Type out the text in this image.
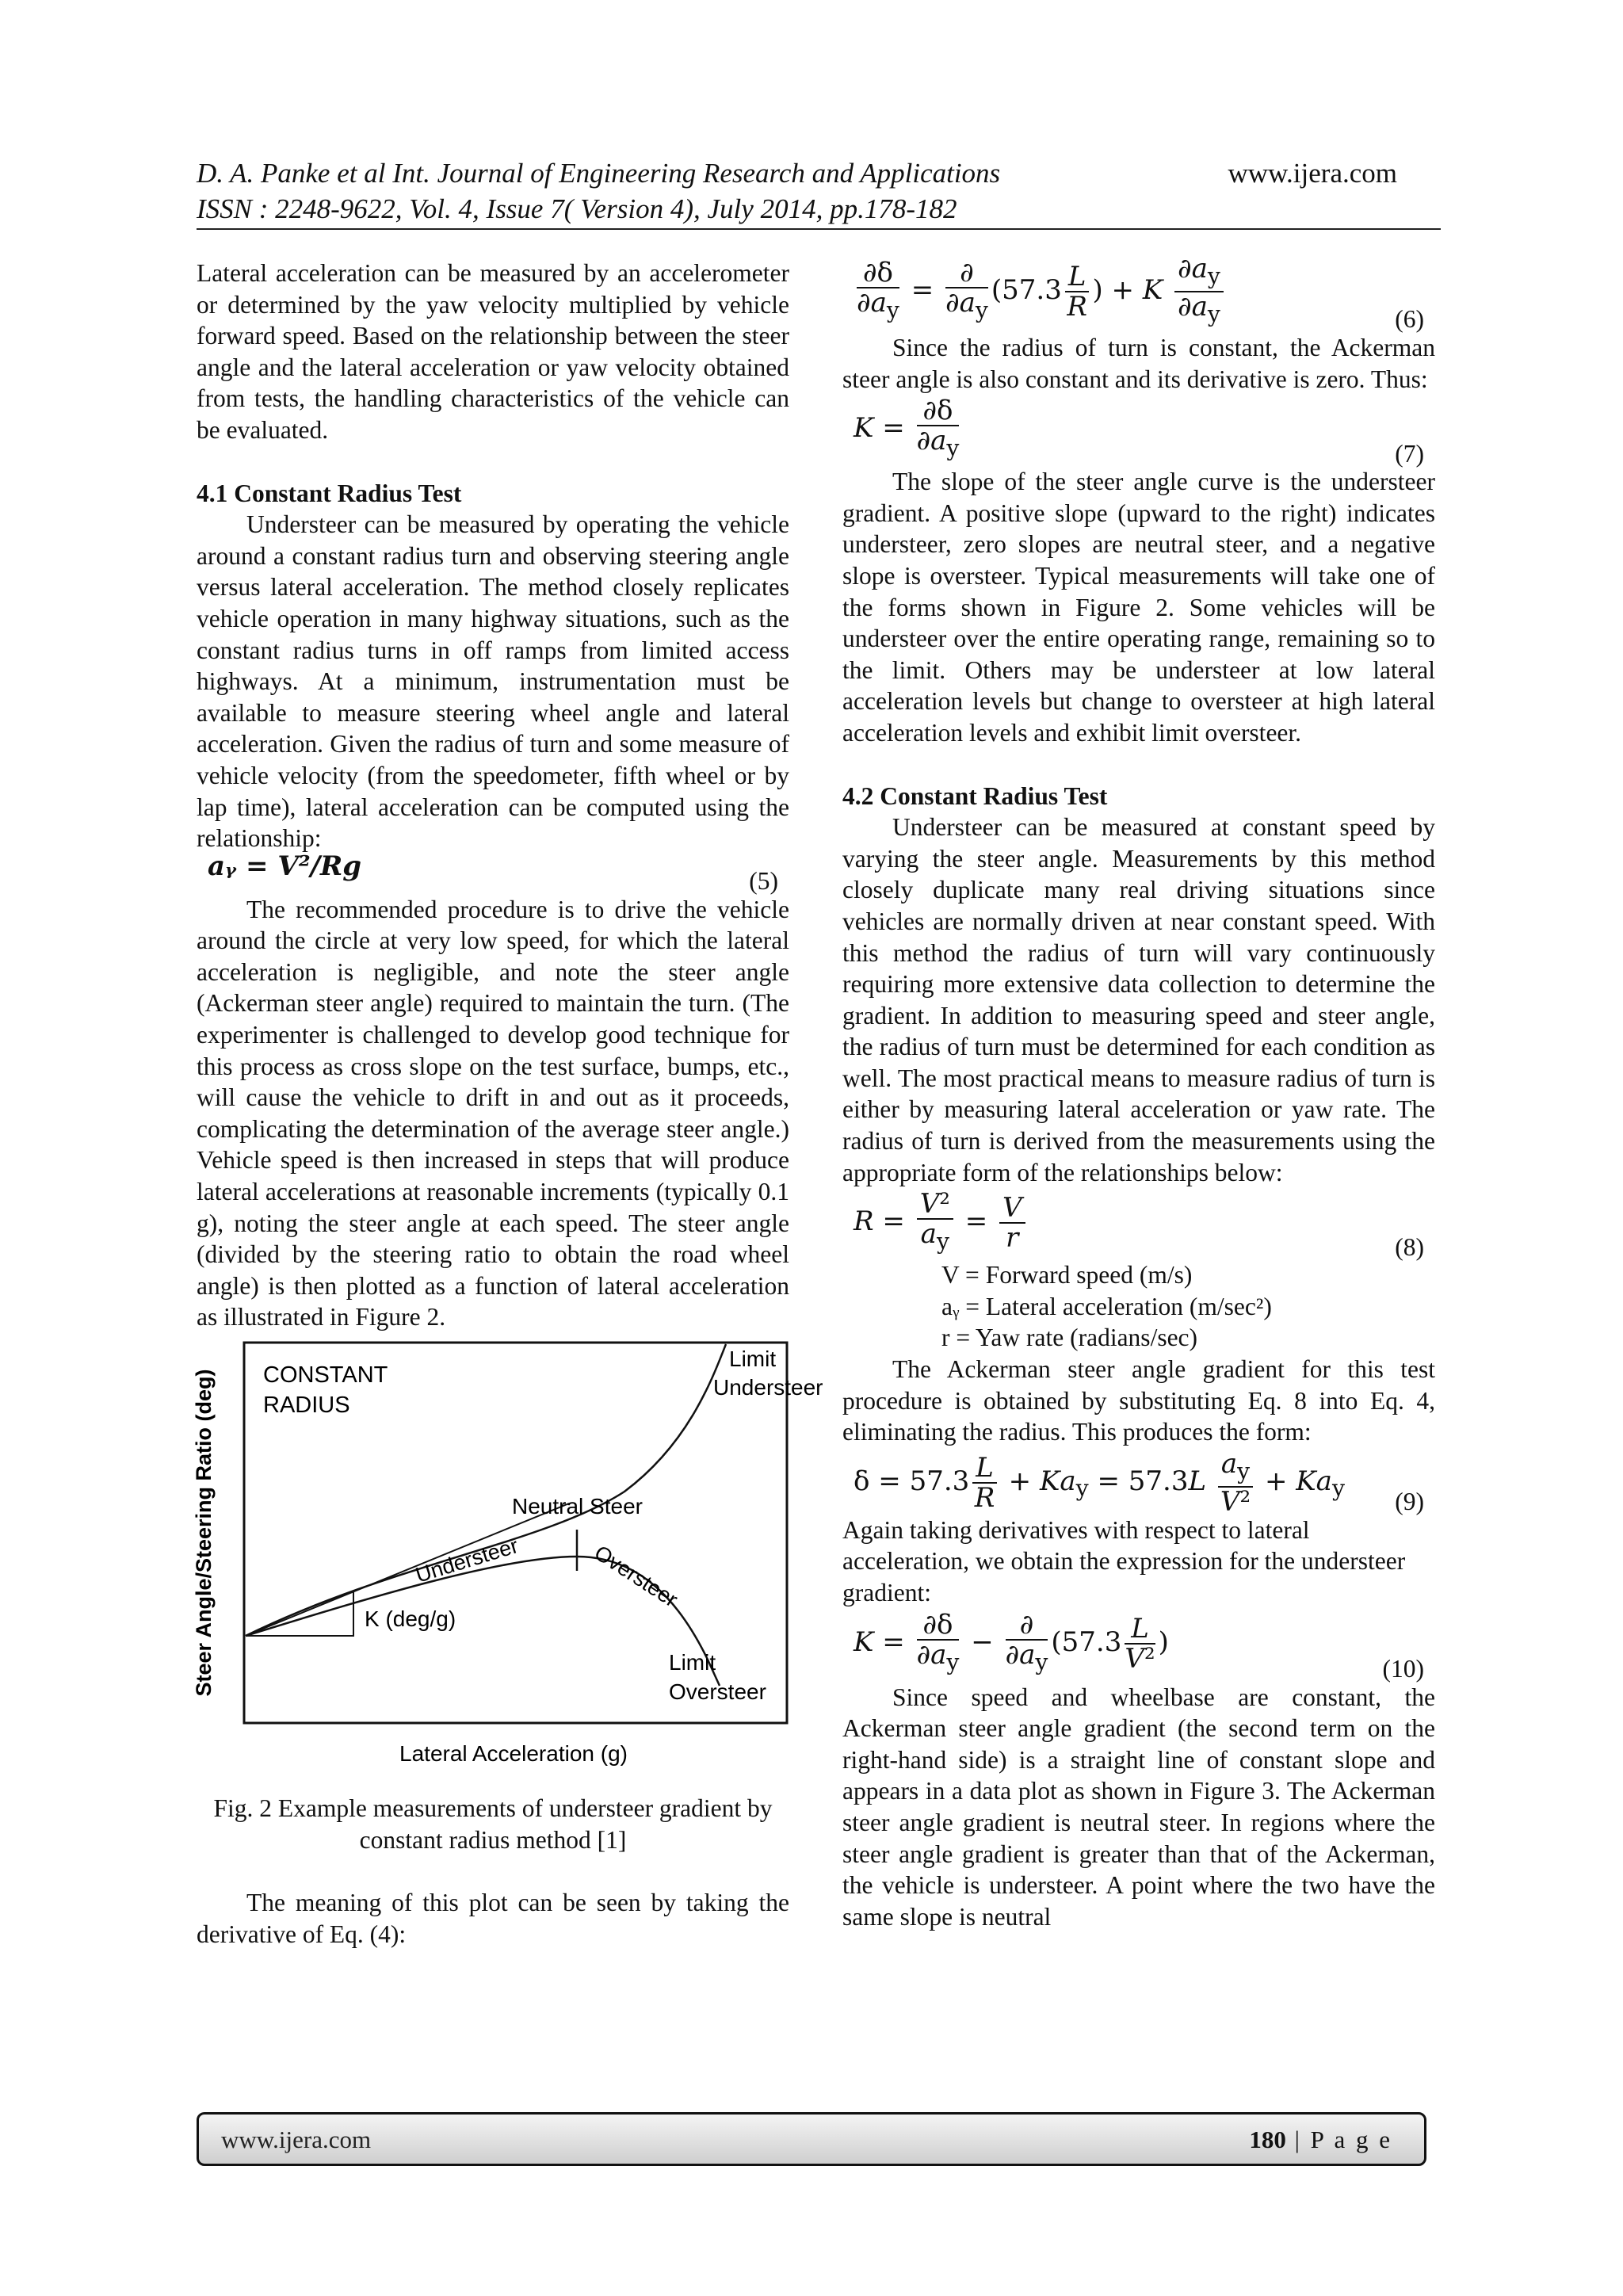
D. A. Panke et al Int. Journal of Engineering Research and Applications	www.ijera.com
ISSN : 2248-9622, Vol. 4, Issue 7( Version 4), July 2014, pp.178-182

Lateral acceleration can be measured by an accelerometer or determined by the yaw velocity multiplied by vehicle forward speed. Based on the relationship between the steer angle and the lateral acceleration or yaw velocity obtained from tests, the handling characteristics of the vehicle can be evaluated.

4.1 Constant Radius Test

Understeer can be measured by operating the vehicle around a constant radius turn and observing steering angle versus lateral acceleration. The method closely replicates vehicle operation in many highway situations, such as the constant radius turns in off ramps from limited access highways. At a minimum, instrumentation must be available to measure steering wheel angle and lateral acceleration. Given the radius of turn and some measure of vehicle velocity (from the speedometer, fifth wheel or by lap time), lateral acceleration can be computed using the relationship:

aᵧ = V²/Rg	(5)

The recommended procedure is to drive the vehicle around the circle at very low speed, for which the lateral acceleration is negligible, and note the steer angle (Ackerman steer angle) required to maintain the turn. (The experimenter is challenged to develop good technique for this process as cross slope on the test surface, bumps, etc., will cause the vehicle to drift in and out as it proceeds, complicating the determination of the average steer angle.) Vehicle speed is then increased in steps that will produce lateral accelerations at reasonable increments (typically 0.1 g), noting the steer angle at each speed. The steer angle (divided by the steering ratio to obtain the road wheel angle) is then plotted as a function of lateral acceleration as illustrated in Figure 2.

Steer Angle/Steering Ratio (deg)
Lateral Acceleration (g)
CONSTANT
RADIUS
Limit
Understeer
Neutral Steer
Understeer	Oversteer
K (deg/g)
Limit
Oversteer

Fig. 2 Example measurements of understeer gradient by constant radius method [1]

The meaning of this plot can be seen by taking the derivative of Eq. (4):

$\frac{\partial\delta}{\partial a_y} = \frac{\partial}{\partial a_y} (57.3 \frac{L}{R}$ ) + K $\frac{\partial a_y}{\partial a_y}$	(6)

Since the radius of turn is constant, the Ackerman steer angle is also constant and its derivative is zero. Thus:

$K = \frac{\partial\delta}{\partial a_y}$	(7)

The slope of the steer angle curve is the understeer gradient. A positive slope (upward to the right) indicates understeer, zero slopes are neutral steer, and a negative slope is oversteer. Typical measurements will take one of the forms shown in Figure 2. Some vehicles will be understeer over the entire operating range, remaining so to the limit. Others may be understeer at low lateral acceleration levels but change to oversteer at high lateral acceleration levels and exhibit limit oversteer.

4.2 Constant Radius Test

Understeer can be measured at constant speed by varying the steer angle. Measurements by this method closely duplicate many real driving situations since vehicles are normally driven at near constant speed. With this method the radius of turn will vary continuously requiring more extensive data collection to determine the gradient. In addition to measuring speed and steer angle, the radius of turn must be determined for each condition as well. The most practical means to measure radius of turn is either by measuring lateral acceleration or yaw rate. The radius of turn is derived from the measurements using the appropriate form of the relationships below:

$R = \frac{\text{V²}}{a_y} = \frac{V}{r}$	(8)

V = Forward speed (m/s)

aᵧ = Lateral acceleration (m/sec²)

r = Yaw rate (radians/sec)

The Ackerman steer angle gradient for this test procedure is obtained by substituting Eq. 8 into Eq. 4, eliminating the radius. This produces the form:

$\delta = 57.3 \frac{L}{R} + Ka_y = 57.3L \frac{a_y}{\text{V²}} + Ka_y$ (9)

Again taking derivatives with respect to lateral acceleration, we obtain the expression for the understeer gradient:

$K = \frac{\partial\delta}{\partial a_y} - \frac{\partial}{\partial a_y} (57.3 \frac{L}{\text{V²}}$ )
(10)

Since speed and wheelbase are constant, the Ackerman steer angle gradient (the second term on the right-hand side) is a straight line of constant slope and appears in a data plot as shown in Figure 3. The Ackerman steer angle gradient is neutral steer. In regions where the steer angle gradient is greater than that of the Ackerman, the vehicle is understeer. A point where the two have the same slope is neutral

www.ijera.com	180 | P a g e
